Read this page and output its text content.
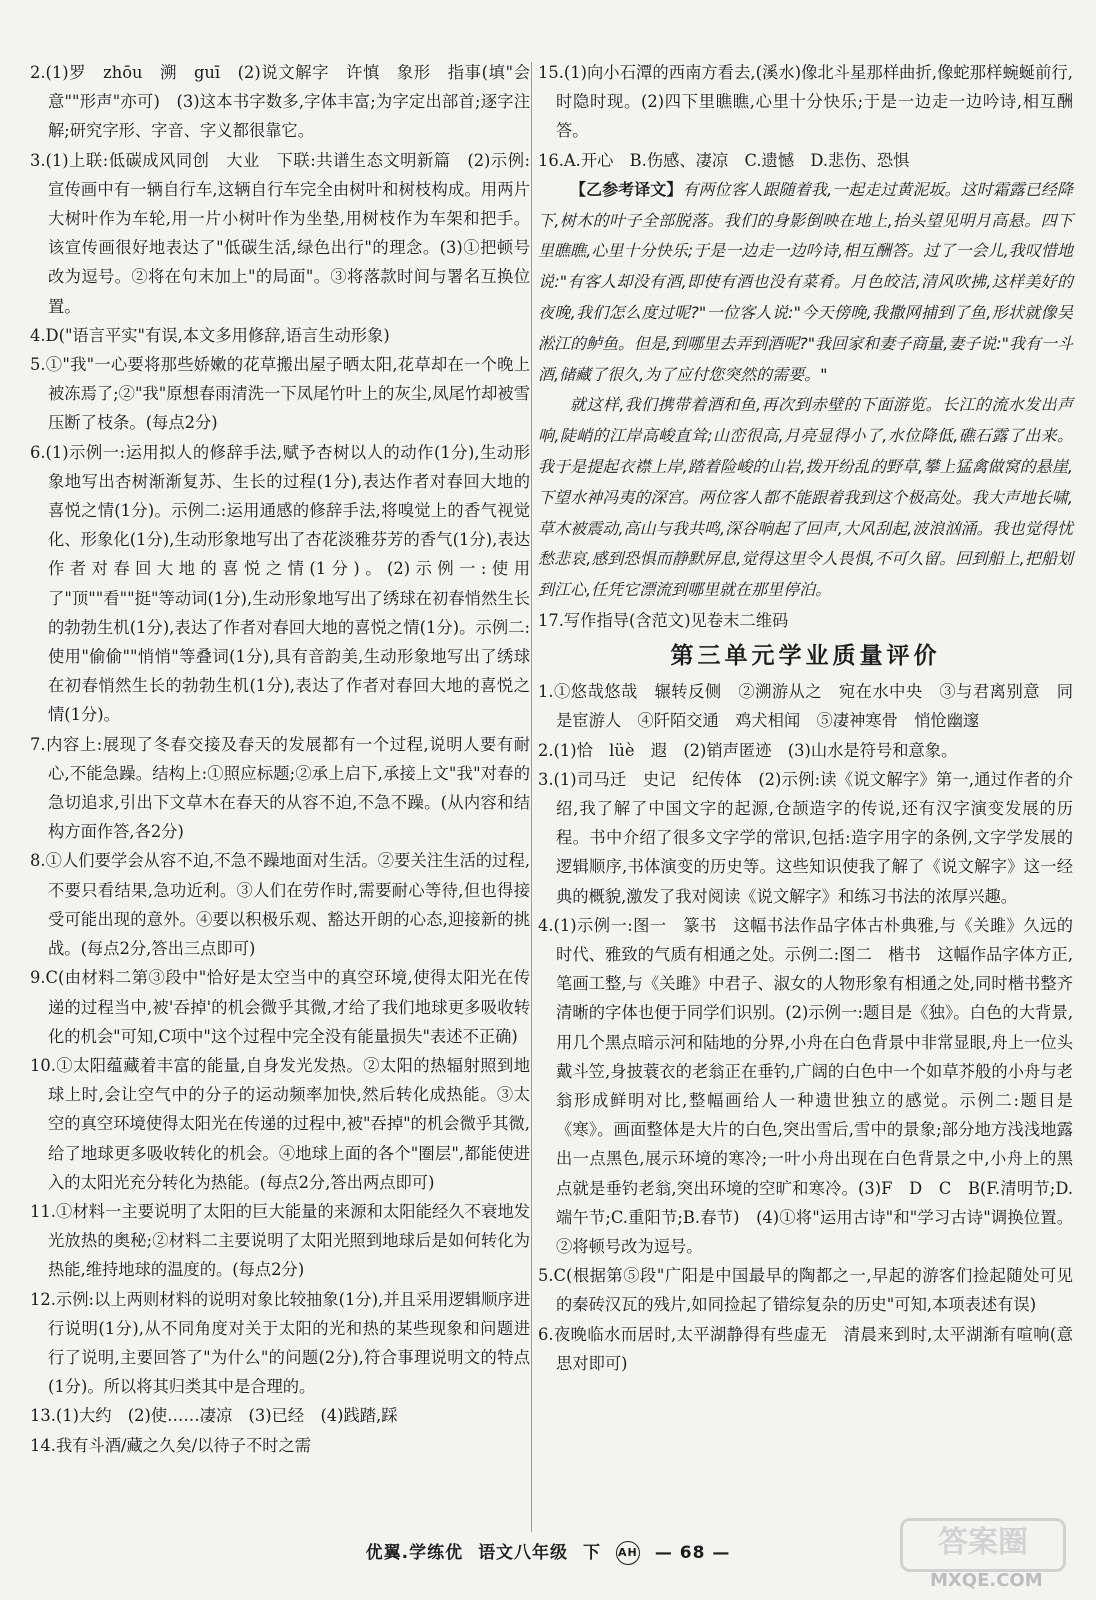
2.(1)罗　zhōu　溯　guī　(2)说文解字　许慎　象形　指事(填"会意""形声"亦可)　(3)这本书字数多,字体丰富;为字定出部首;逐字注解;研究字形、字音、字义都很靠它。

3.(1)上联:低碳成风同创　大业　下联:共谱生态文明新篇　(2)示例:宣传画中有一辆自行车,这辆自行车完全由树叶和树枝构成。用两片大树叶作为车轮,用一片小树叶作为坐垫,用树枝作为车架和把手。该宣传画很好地表达了"低碳生活,绿色出行"的理念。(3)①把顿号改为逗号。②将在句末加上"的局面"。③将落款时间与署名互换位置。

4.D("语言平实"有误,本文多用修辞,语言生动形象)

5.①"我"一心要将那些娇嫩的花草搬出屋子晒太阳,花草却在一个晚上被冻焉了;②"我"原想春雨清洗一下凤尾竹叶上的灰尘,凤尾竹却被雪压断了枝条。(每点2分)

6.(1)示例一:运用拟人的修辞手法,赋予杏树以人的动作(1分),生动形象地写出杏树渐渐复苏、生长的过程(1分),表达作者对春回大地的喜悦之情(1分)。示例二:运用通感的修辞手法,将嗅觉上的香气视觉化、形象化(1分),生动形象地写出了杏花淡雅芬芳的香气(1分),表达作者对春回大地的喜悦之情(1分)。(2)示例一:使用了"顶""看""挺"等动词(1分),生动形象地写出了绣球在初春悄然生长的勃勃生机(1分),表达了作者对春回大地的喜悦之情(1分)。示例二:使用"偷偷""悄悄"等叠词(1分),具有音韵美,生动形象地写出了绣球在初春悄然生长的勃勃生机(1分),表达了作者对春回大地的喜悦之情(1分)。

7.内容上:展现了冬春交接及春天的发展都有一个过程,说明人要有耐心,不能急躁。结构上:①照应标题;②承上启下,承接上文"我"对春的急切追求,引出下文草木在春天的从容不迫,不急不躁。(从内容和结构方面作答,各2分)

8.①人们要学会从容不迫,不急不躁地面对生活。②要关注生活的过程,不要只看结果,急功近利。③人们在劳作时,需要耐心等待,但也得接受可能出现的意外。④要以积极乐观、豁达开朗的心态,迎接新的挑战。(每点2分,答出三点即可)

9.C(由材料二第③段中"恰好是太空当中的真空环境,使得太阳光在传递的过程当中,被'吞掉'的机会微乎其微,才给了我们地球更多吸收转化的机会"可知,C项中"这个过程中完全没有能量损失"表述不正确)

10.①太阳蕴藏着丰富的能量,自身发光发热。②太阳的热辐射照到地球上时,会让空气中的分子的运动频率加快,然后转化成热能。③太空的真空环境使得太阳光在传递的过程中,被"吞掉"的机会微乎其微,给了地球更多吸收转化的机会。④地球上面的各个"圈层",都能使进入的太阳光充分转化为热能。(每点2分,答出两点即可)

11.①材料一主要说明了太阳的巨大能量的来源和太阳能经久不衰地发光放热的奥秘;②材料二主要说明了太阳光照到地球后是如何转化为热能,维持地球的温度的。(每点2分)

12.示例:以上两则材料的说明对象比较抽象(1分),并且采用逻辑顺序进行说明(1分),从不同角度对关于太阳的光和热的某些现象和问题进行了说明,主要回答了"为什么"的问题(2分),符合事理说明文的特点(1分)。所以将其归类其中是合理的。

13.(1)大约　(2)使……凄凉　(3)已经　(4)践踏,踩

14.我有斗酒/藏之久矣/以待子不时之需

15.(1)向小石潭的西南方看去,(溪水)像北斗星那样曲折,像蛇那样蜿蜒前行,时隐时现。(2)四下里瞧瞧,心里十分快乐;于是一边走一边吟诗,相互酬答。

16.A.开心　B.伤感、凄凉　C.遗憾　D.悲伤、恐惧

【乙参考译文】有两位客人跟随着我,一起走过黄泥坂。这时霜露已经降下,树木的叶子全部脱落。我们的身影倒映在地上,抬头望见明月高悬。四下里瞧瞧,心里十分快乐;于是一边走一边吟诗,相互酬答。过了一会儿,我叹惜地说:"有客人却没有酒,即使有酒也没有菜肴。月色皎洁,清风吹拂,这样美好的夜晚,我们怎么度过呢?"一位客人说:"今天傍晚,我撒网捕到了鱼,形状就像吴淞江的鲈鱼。但是,到哪里去弄到酒呢?"我回家和妻子商量,妻子说:"我有一斗酒,储藏了很久,为了应付您突然的需要。"

就这样,我们携带着酒和鱼,再次到赤壁的下面游览。长江的流水发出声响,陡峭的江岸高峻直耸;山峦很高,月亮显得小了,水位降低,礁石露了出来。我于是提起衣襟上岸,踏着险峻的山岩,拨开纷乱的野草,攀上猛禽做窝的悬崖,下望水神冯夷的深宫。两位客人都不能跟着我到这个极高处。我大声地长啸,草木被震动,高山与我共鸣,深谷响起了回声,大风刮起,波浪汹涌。我也觉得忧愁悲哀,感到恐惧而静默屏息,觉得这里令人畏惧,不可久留。回到船上,把船划到江心,任凭它漂流到哪里就在那里停泊。

17.写作指导(含范文)见卷末二维码

第三单元学业质量评价

1.①悠哉悠哉　辗转反侧　②溯游从之　宛在水中央　③与君离别意　同是宦游人　④阡陌交通　鸡犬相闻　⑤凄神寒骨　悄怆幽邃

2.(1)恰　lüè　遐　(2)销声匿迹　(3)山水是符号和意象。

3.(1)司马迁　史记　纪传体　(2)示例:读《说文解字》第一,通过作者的介绍,我了解了中国文字的起源,仓颉造字的传说,还有汉字演变发展的历程。书中介绍了很多文字学的常识,包括:造字用字的条例,文字学发展的逻辑顺序,书体演变的历史等。这些知识使我了解了《说文解字》这一经典的概貌,激发了我对阅读《说文解字》和练习书法的浓厚兴趣。

4.(1)示例一:图一　篆书　这幅书法作品字体古朴典雅,与《关雎》久远的时代、雅致的气质有相通之处。示例二:图二　楷书　这幅作品字体方正,笔画工整,与《关雎》中君子、淑女的人物形象有相通之处,同时楷书整齐清晰的字体也便于同学们识别。(2)示例一:题目是《独》。白色的大背景,用几个黑点暗示河和陆地的分界,小舟在白色背景中非常显眼,舟上一位头戴斗笠,身披蓑衣的老翁正在垂钓,广阔的白色中一个如草芥般的小舟与老翁形成鲜明对比,整幅画给人一种遗世独立的感觉。示例二:题目是《寒》。画面整体是大片的白色,突出雪后,雪中的景象;部分地方浅浅地露出一点黑色,展示环境的寒冷;一叶小舟出现在白色背景之中,小舟上的黑点就是垂钓老翁,突出环境的空旷和寒冷。(3)F　D　C　B(F.清明节;D.端午节;C.重阳节;B.春节)　(4)①将"运用古诗"和"学习古诗"调换位置。②将顿号改为逗号。

5.C(根据第⑤段"广阳是中国最早的陶都之一,早起的游客们捡起随处可见的秦砖汉瓦的残片,如同捡起了错综复杂的历史"可知,本项表述有误)

6.夜晚临水而居时,太平湖静得有些虚无　清晨来到时,太平湖渐有喧响(意思对即可)

优翼.学练优 语文八年级 下 AH — 68 —	答案圈
MXQE.COM
